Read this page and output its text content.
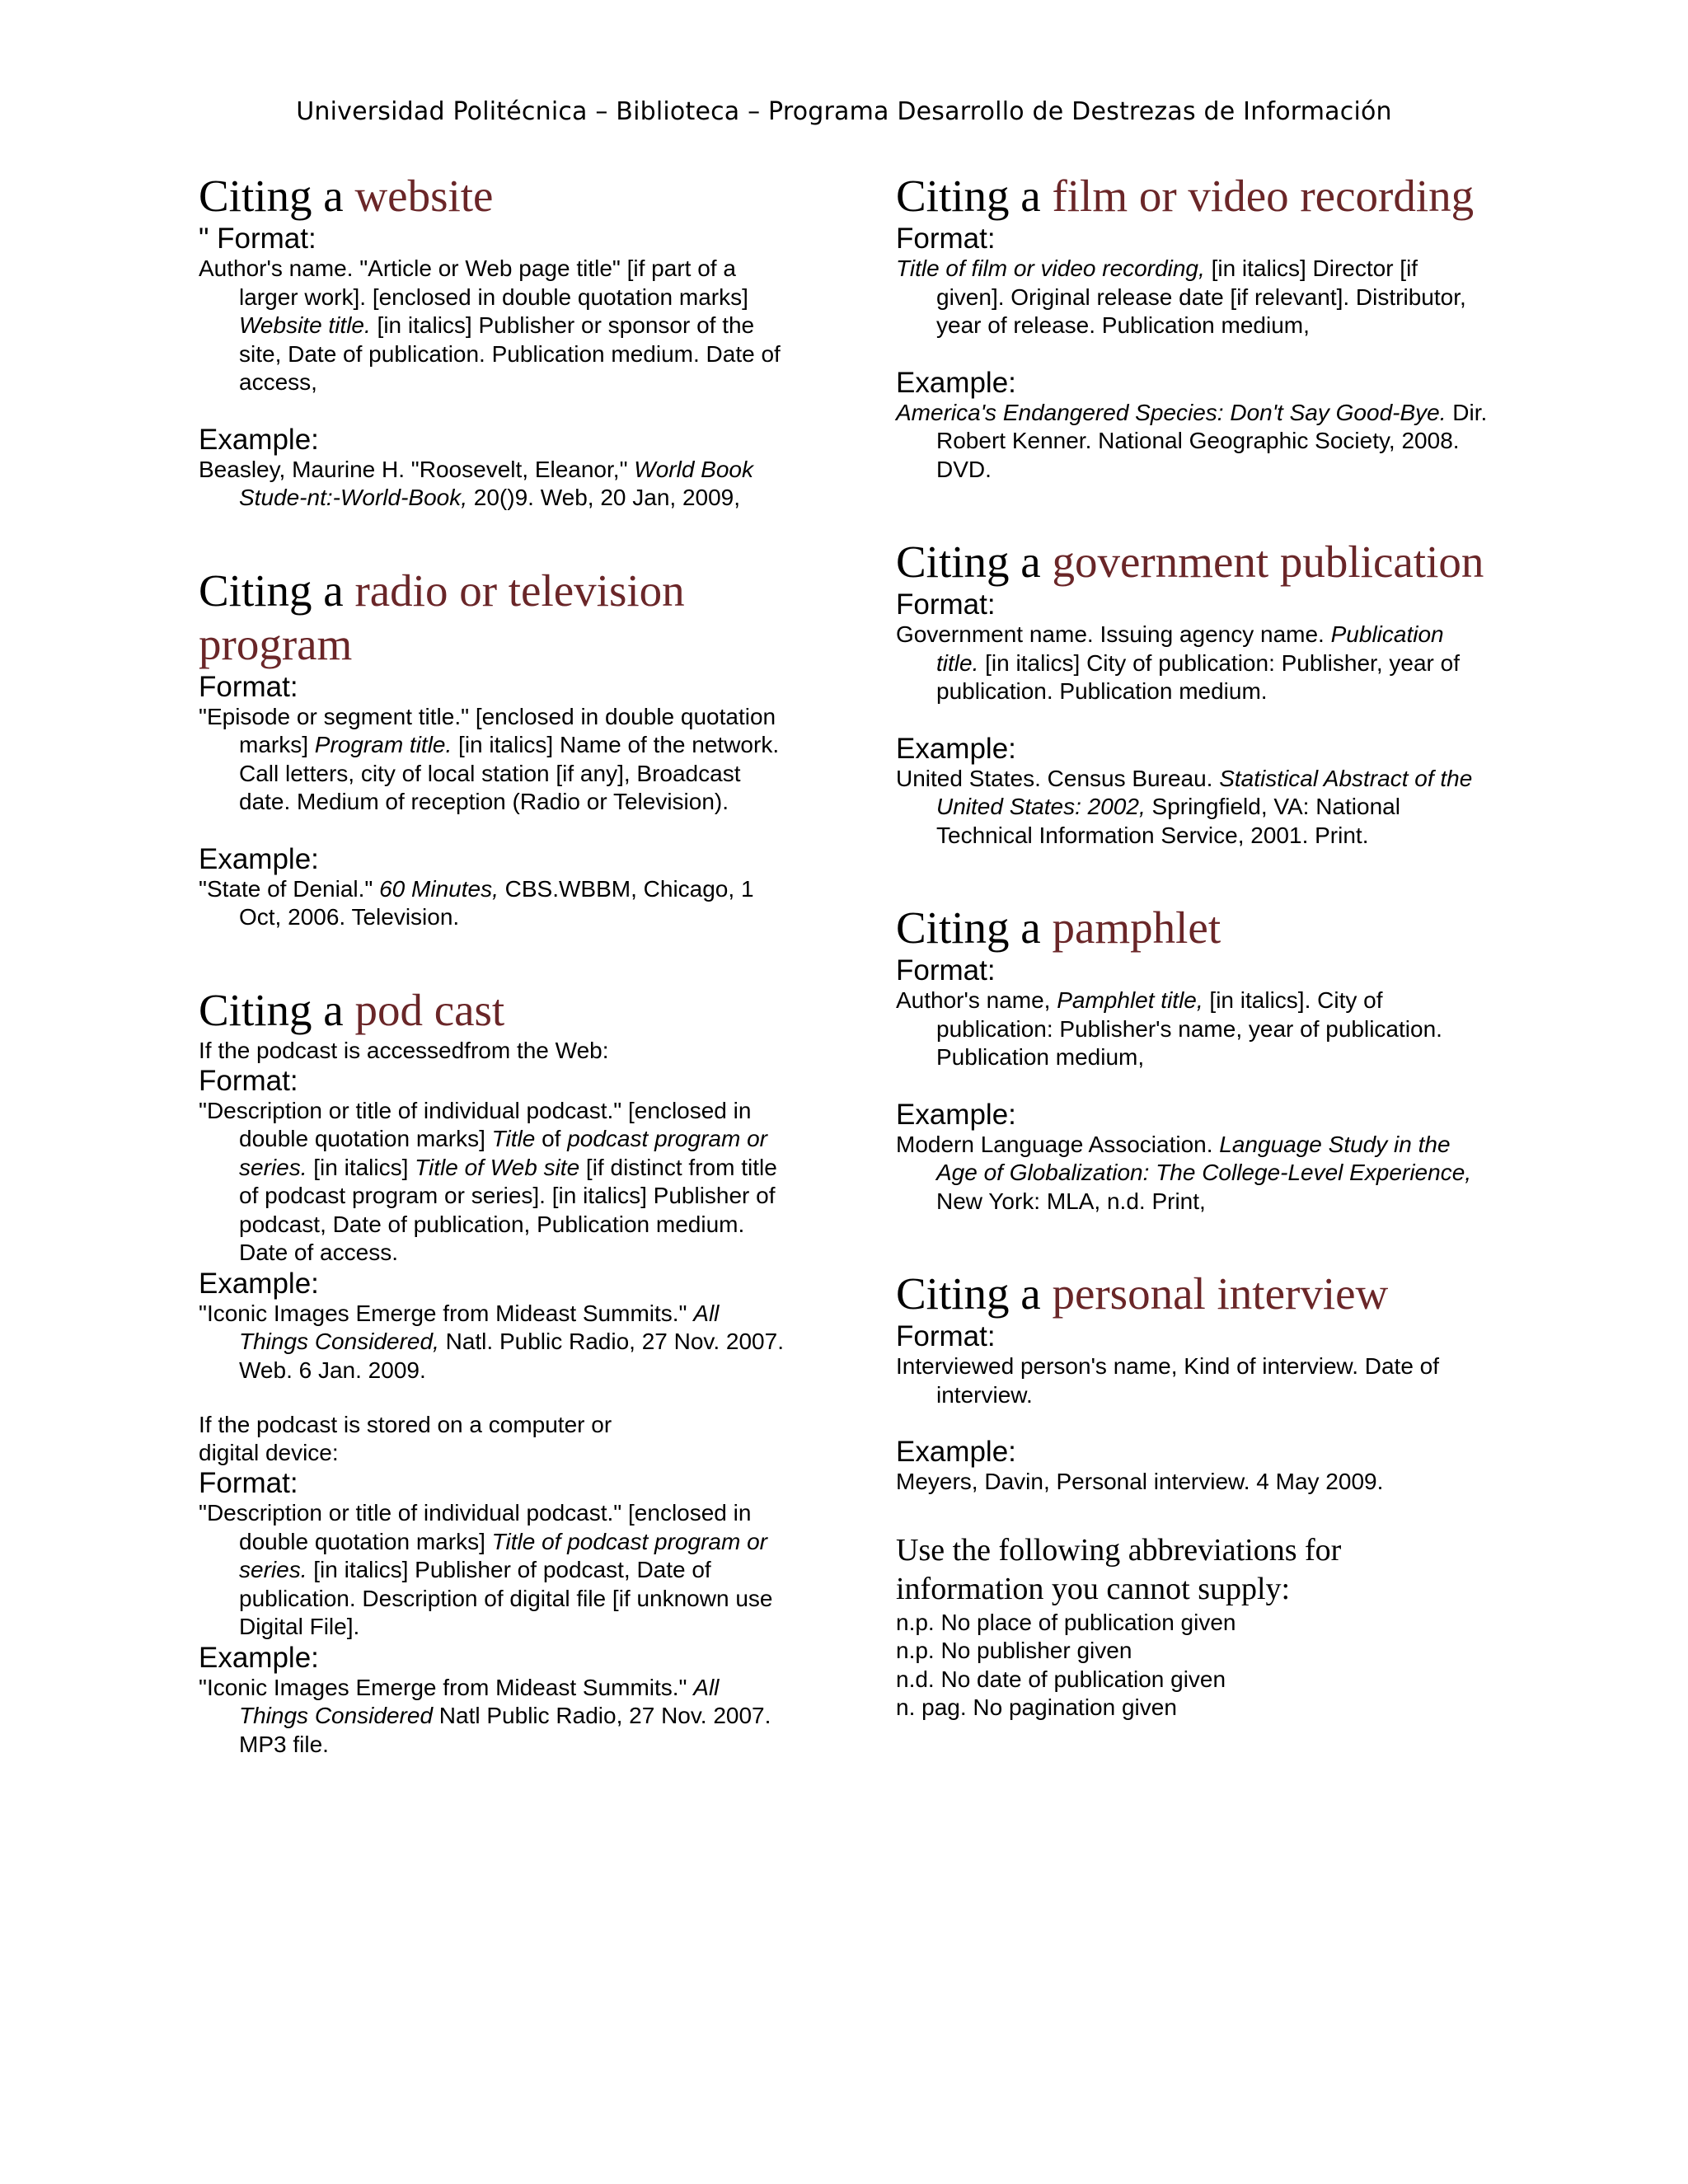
Universidad Politécnica – Biblioteca – Programa Desarrollo de Destrezas de Información
Citing a website

" Format:

Author's name. "Article or Web page title" [if part of a larger work]. [enclosed in double quotation marks] Website title. [in italics] Publisher or sponsor of the site, Date of publication. Publication medium. Date of access,

Example:

Beasley, Maurine H. "Roosevelt, Eleanor," World Book Stude-nt:-World-Book, 20()9. Web, 20 Jan, 2009,

Citing a radio or television program

Format:

"Episode or segment title." [enclosed in double quotation marks] Program title. [in italics] Name of the network. Call letters, city of local station [if any], Broadcast date. Medium of reception (Radio or Television).

Example:

"State of Denial." 60 Minutes, CBS.WBBM, Chicago, 1 Oct, 2006. Television.

Citing a pod cast

If the podcast is accessedfrom the Web:

Format:

"Description or title of individual podcast." [enclosed in double quotation marks] Title of podcast program or series. [in italics] Title of Web site [if distinct from title of podcast program or series]. [in italics] Publisher of podcast, Date of publication, Publication medium. Date of access.

Example:

"Iconic Images Emerge from Mideast Summits." All Things Considered, Natl. Public Radio, 27 Nov. 2007. Web. 6 Jan. 2009.

If the podcast is stored on a computer or digital device:

Format:

"Description or title of individual podcast." [enclosed in double quotation marks] Title of podcast program or series. [in italics] Publisher of podcast, Date of publication. Description of digital file [if unknown use Digital File].

Example:

"Iconic Images Emerge from Mideast Summits." All Things Considered Natl Public Radio, 27 Nov. 2007. MP3 file.

Citing a film or video recording

Format:

Title of film or video recording, [in italics] Director [if given]. Original release date [if relevant]. Distributor, year of release. Publication medium,

Example:

America's Endangered Species: Don't Say Good-Bye. Dir. Robert Kenner. National Geographic Society, 2008. DVD.

Citing a government publication

Format:

Government name. Issuing agency name. Publication title. [in italics] City of publication: Publisher, year of publication. Publication medium.

Example:

United States. Census Bureau. Statistical Abstract of the United States: 2002, Springfield, VA: National Technical Information Service, 2001. Print.

Citing a pamphlet

Format:

Author's name, Pamphlet title, [in italics]. City of publication: Publisher's name, year of publication. Publication medium,

Example:

Modern Language Association. Language Study in the Age of Globalization: The College-Level Experience, New York: MLA, n.d. Print,

Citing a personal interview

Format:

Interviewed person's name, Kind of interview. Date of interview.

Example:

Meyers, Davin, Personal interview. 4 May 2009.

Use the following abbreviations for information you cannot supply:

n.p. No place of publication given

n.p. No publisher given

n.d. No date of publication given

n. pag. No pagination given
